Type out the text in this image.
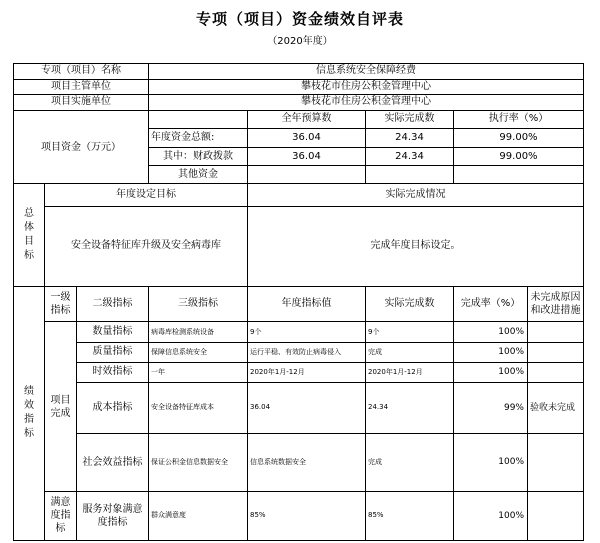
专项（项目）资金绩效自评表
（2020年度）
专项（项目）名称			信息系统安全保障经费				
项目主管单位			攀枝花市住房公积金管理中心				
项目实施单位			攀枝花市住房公积金管理中心				
项目资金（万元）				全年预算数	实际完成数	执行率（%）	
			年度资金总额:	36.04	24.34	99.00%	
			其中：财政拨款	36.04	24.34	99.00%	
			其他资金				
总体目标	年度设定目标			实际完成情况			
	安全设备特征库升级及安全病毒库			完成年度目标设定。			
绩效指标	一级指标	二级指标	三级指标	年度指标值	实际完成数	完成率（%）	未完成原因和改进措施
	项目完成	数量指标	病毒库检测系统设备	9个	9个	100%	
		质量指标	保障信息系统安全	运行平稳、有效防止病毒侵入	完成	100%	
		时效指标	一年	2020年1月-12月	2020年1月-12月	100%	
		成本指标	安全设备特征库成本	36.04	24.34	99%	验收未完成
		社会效益指标	保证公积金信息数据安全	信息系统数据安全	完成	100%	
	满意度指标	服务对象满意度指标	群众满意度	85%	85%	100%	
